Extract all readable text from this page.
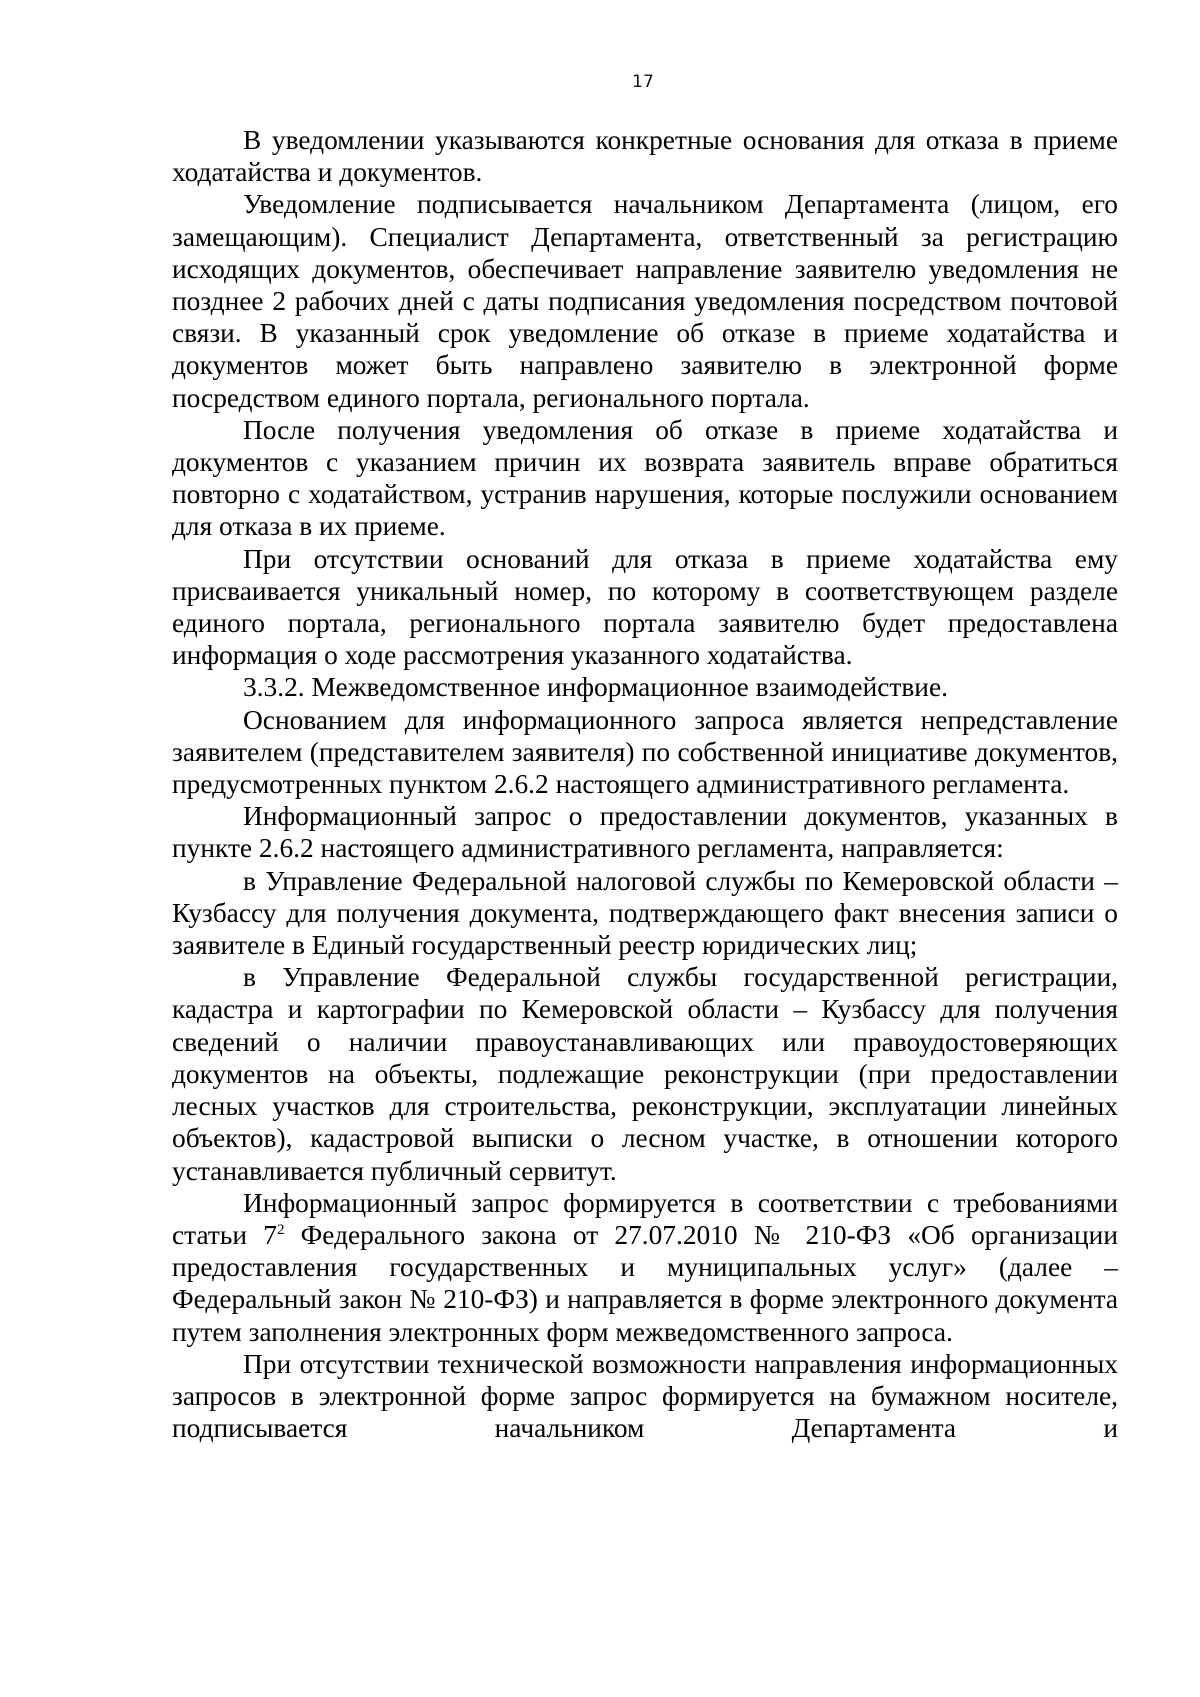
17

В уведомлении указываются конкретные основания для отказа в приеме ходатайства и документов.

Уведомление подписывается начальником Департамента (лицом, его замещающим). Специалист Департамента, ответственный за регистрацию исходящих документов, обеспечивает направление заявителю уведомления не позднее 2 рабочих дней с даты подписания уведомления посредством почтовой связи. В указанный срок уведомление об отказе в приеме ходатайства и документов может быть направлено заявителю в электронной форме посредством единого портала, регионального портала.

После получения уведомления об отказе в приеме ходатайства и документов с указанием причин их возврата заявитель вправе обратиться повторно с ходатайством, устранив нарушения, которые послужили основанием для отказа в их приеме.

При отсутствии оснований для отказа в приеме ходатайства ему присваивается уникальный номер, по которому в соответствующем разделе единого портала, регионального портала заявителю будет предоставлена информация о ходе рассмотрения указанного ходатайства.

3.3.2. Межведомственное информационное взаимодействие.

Основанием для информационного запроса является непредставление заявителем (представителем заявителя) по собственной инициативе документов, предусмотренных пунктом 2.6.2 настоящего административного регламента.

Информационный запрос о предоставлении документов, указанных в пункте 2.6.2 настоящего административного регламента, направляется:

в Управление Федеральной налоговой службы по Кемеровской области – Кузбассу для получения документа, подтверждающего факт внесения записи о заявителе в Единый государственный реестр юридических лиц;

в Управление Федеральной службы государственной регистрации, кадастра и картографии по Кемеровской области – Кузбассу для получения сведений о наличии правоустанавливающих или правоудостоверяющих документов на объекты, подлежащие реконструкции (при предоставлении лесных участков для строительства, реконструкции, эксплуатации линейных объектов), кадастровой выписки о лесном участке, в отношении которого устанавливается публичный сервитут.

Информационный запрос формируется в соответствии с требованиями статьи $7^2$ Федерального закона от 27.07.2010 № 210-ФЗ «Об организации предоставления государственных и муниципальных услуг» (далее – Федеральный закон № 210-ФЗ) и направляется в форме электронного документа путем заполнения электронных форм межведомственного запроса.

При отсутствии технической возможности направления информационных запросов в электронной форме запрос формируется на бумажном носителе, подписывается начальником Департамента и
